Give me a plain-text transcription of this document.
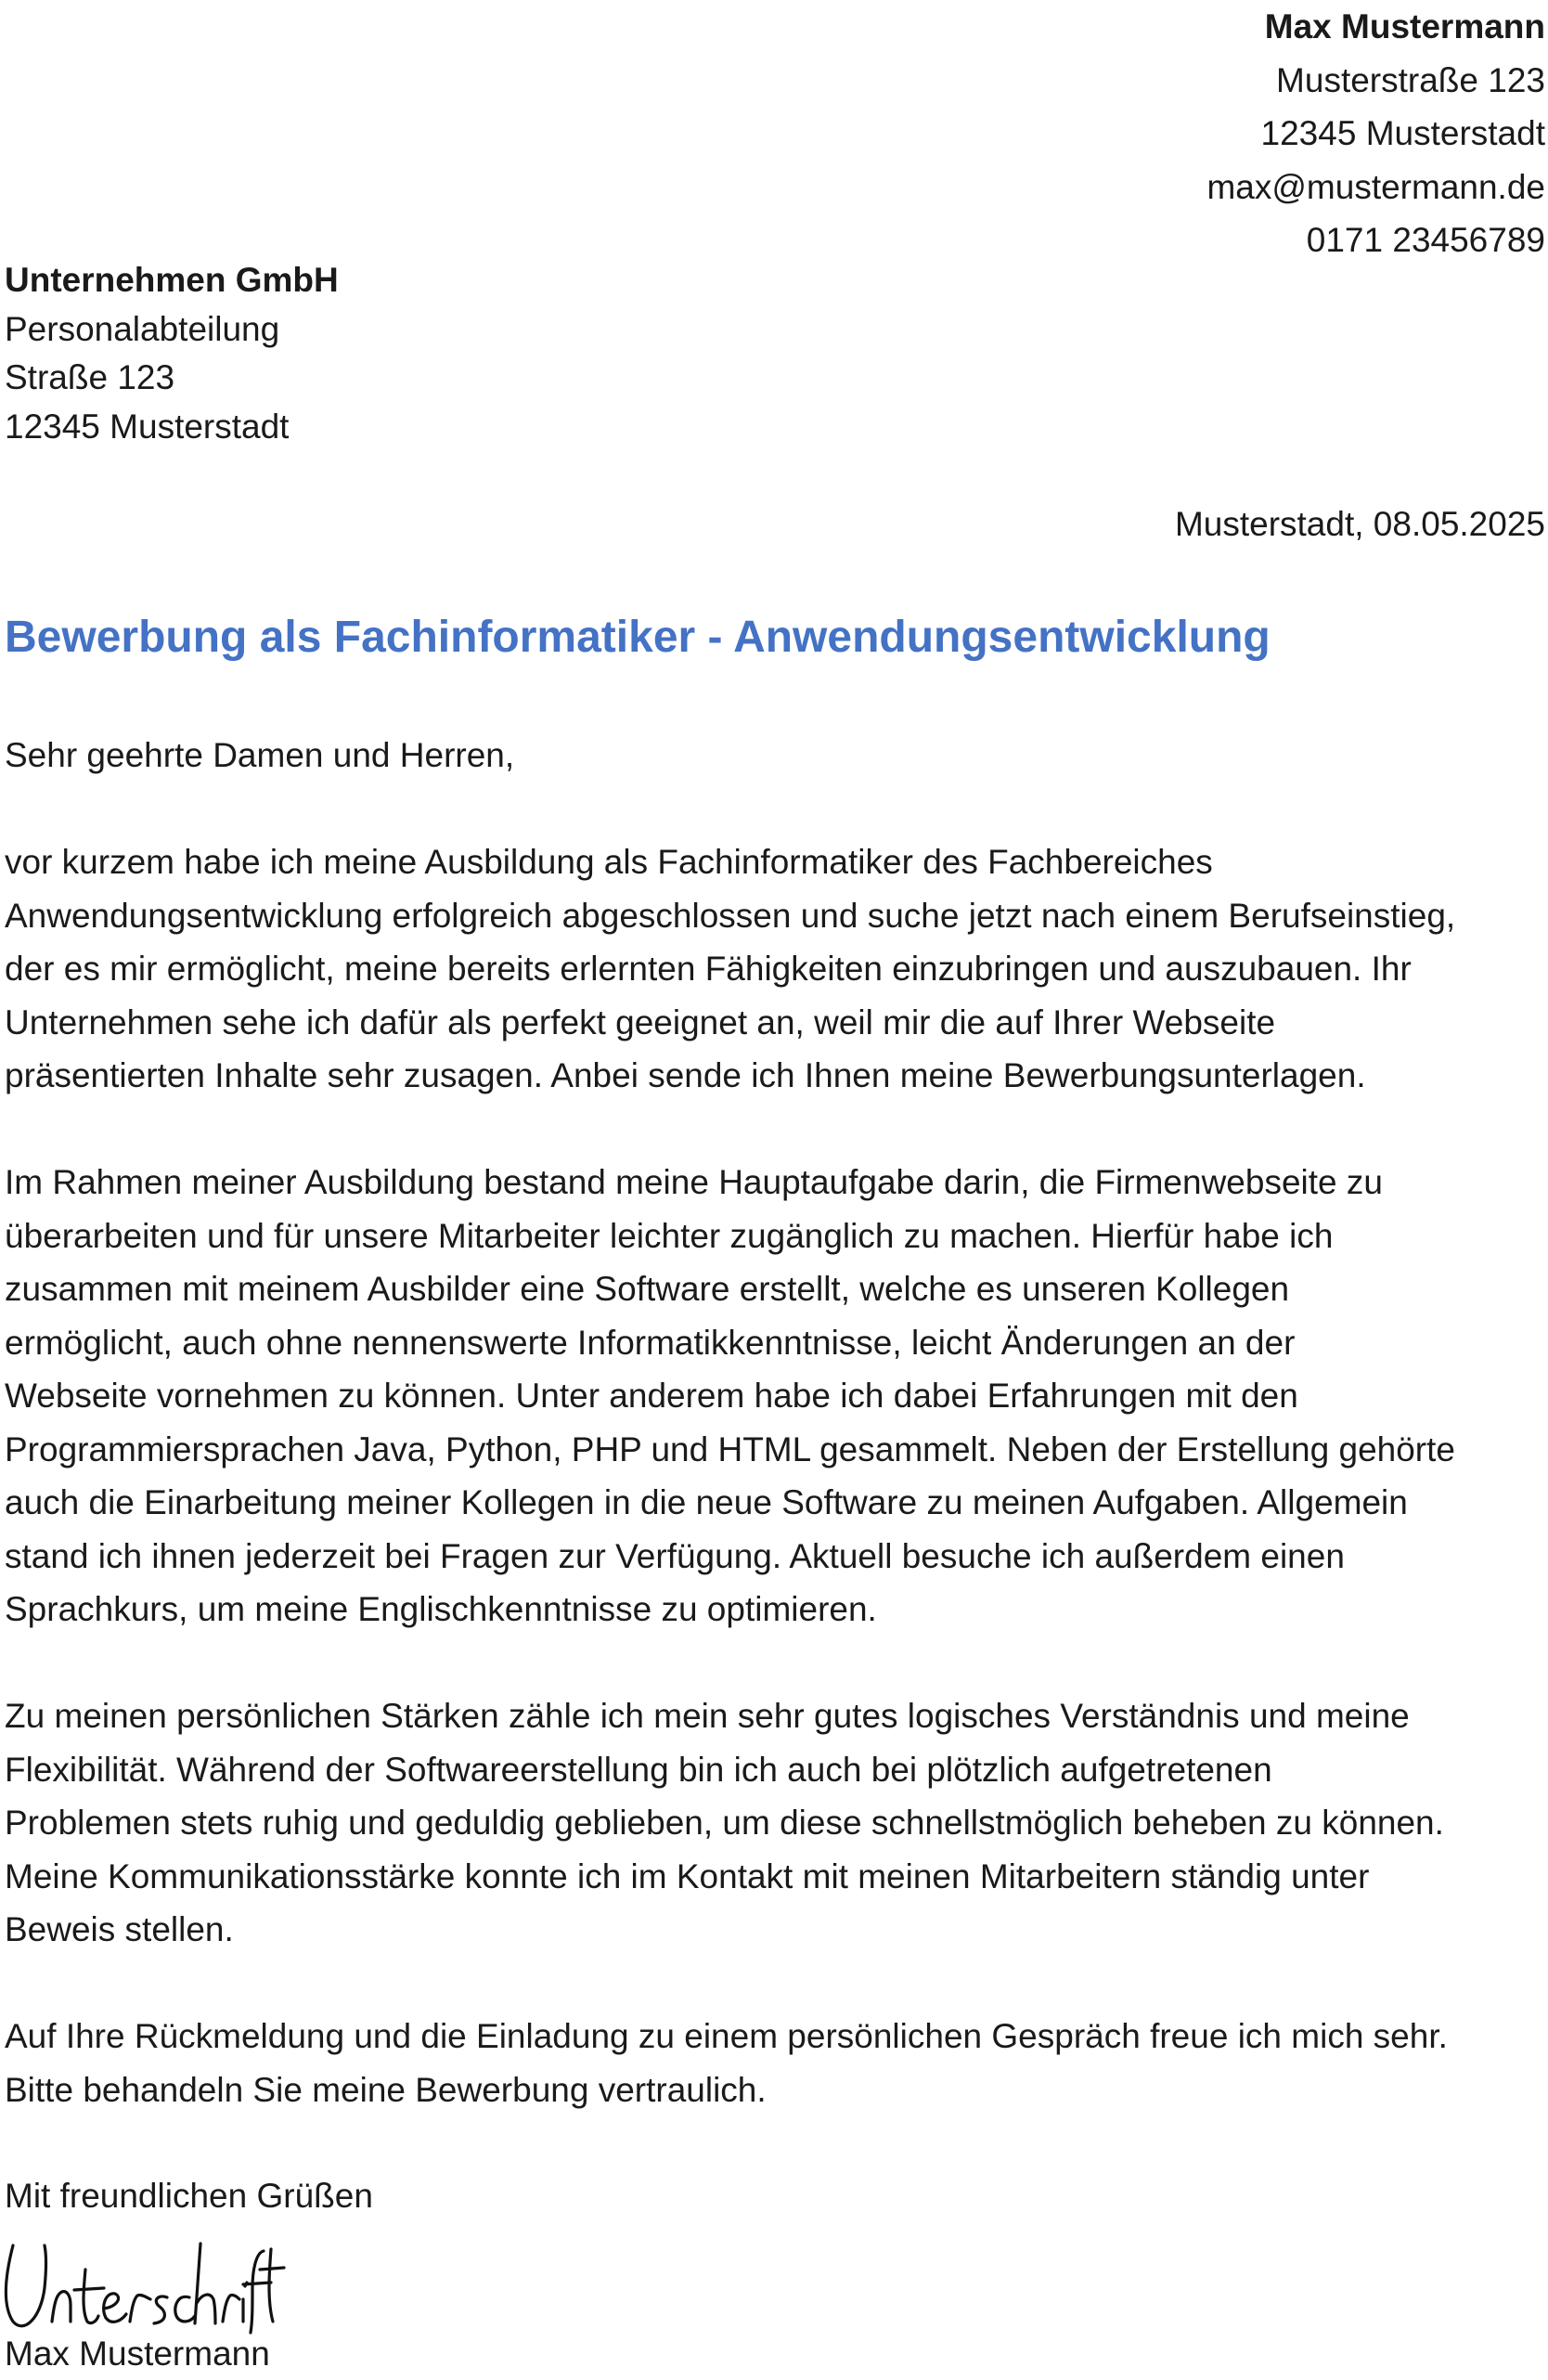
Max Mustermann
Musterstraße 123
12345 Musterstadt
max@mustermann.de
0171 23456789
Unternehmen GmbH
Personalabteilung
Straße 123
12345 Musterstadt
Musterstadt, 08.05.2025
Bewerbung als Fachinformatiker - Anwendungsentwicklung
Sehr geehrte Damen und Herren,
vor kurzem habe ich meine Ausbildung als Fachinformatiker des Fachbereiches
Anwendungsentwicklung erfolgreich abgeschlossen und suche jetzt nach einem Berufseinstieg,
der es mir ermöglicht, meine bereits erlernten Fähigkeiten einzubringen und auszubauen. Ihr
Unternehmen sehe ich dafür als perfekt geeignet an, weil mir die auf Ihrer Webseite
präsentierten Inhalte sehr zusagen. Anbei sende ich Ihnen meine Bewerbungsunterlagen.
Im Rahmen meiner Ausbildung bestand meine Hauptaufgabe darin, die Firmenwebseite zu
überarbeiten und für unsere Mitarbeiter leichter zugänglich zu machen. Hierfür habe ich
zusammen mit meinem Ausbilder eine Software erstellt, welche es unseren Kollegen
ermöglicht, auch ohne nennenswerte Informatikkenntnisse, leicht Änderungen an der
Webseite vornehmen zu können. Unter anderem habe ich dabei Erfahrungen mit den
Programmiersprachen Java, Python, PHP und HTML gesammelt. Neben der Erstellung gehörte
auch die Einarbeitung meiner Kollegen in die neue Software zu meinen Aufgaben. Allgemein
stand ich ihnen jederzeit bei Fragen zur Verfügung. Aktuell besuche ich außerdem einen
Sprachkurs, um meine Englischkenntnisse zu optimieren.
Zu meinen persönlichen Stärken zähle ich mein sehr gutes logisches Verständnis und meine
Flexibilität. Während der Softwareerstellung bin ich auch bei plötzlich aufgetretenen
Problemen stets ruhig und geduldig geblieben, um diese schnellstmöglich beheben zu können.
Meine Kommunikationsstärke konnte ich im Kontakt mit meinen Mitarbeitern ständig unter
Beweis stellen.
Auf Ihre Rückmeldung und die Einladung zu einem persönlichen Gespräch freue ich mich sehr.
Bitte behandeln Sie meine Bewerbung vertraulich.
Mit freundlichen Grüßen
Max Mustermann
